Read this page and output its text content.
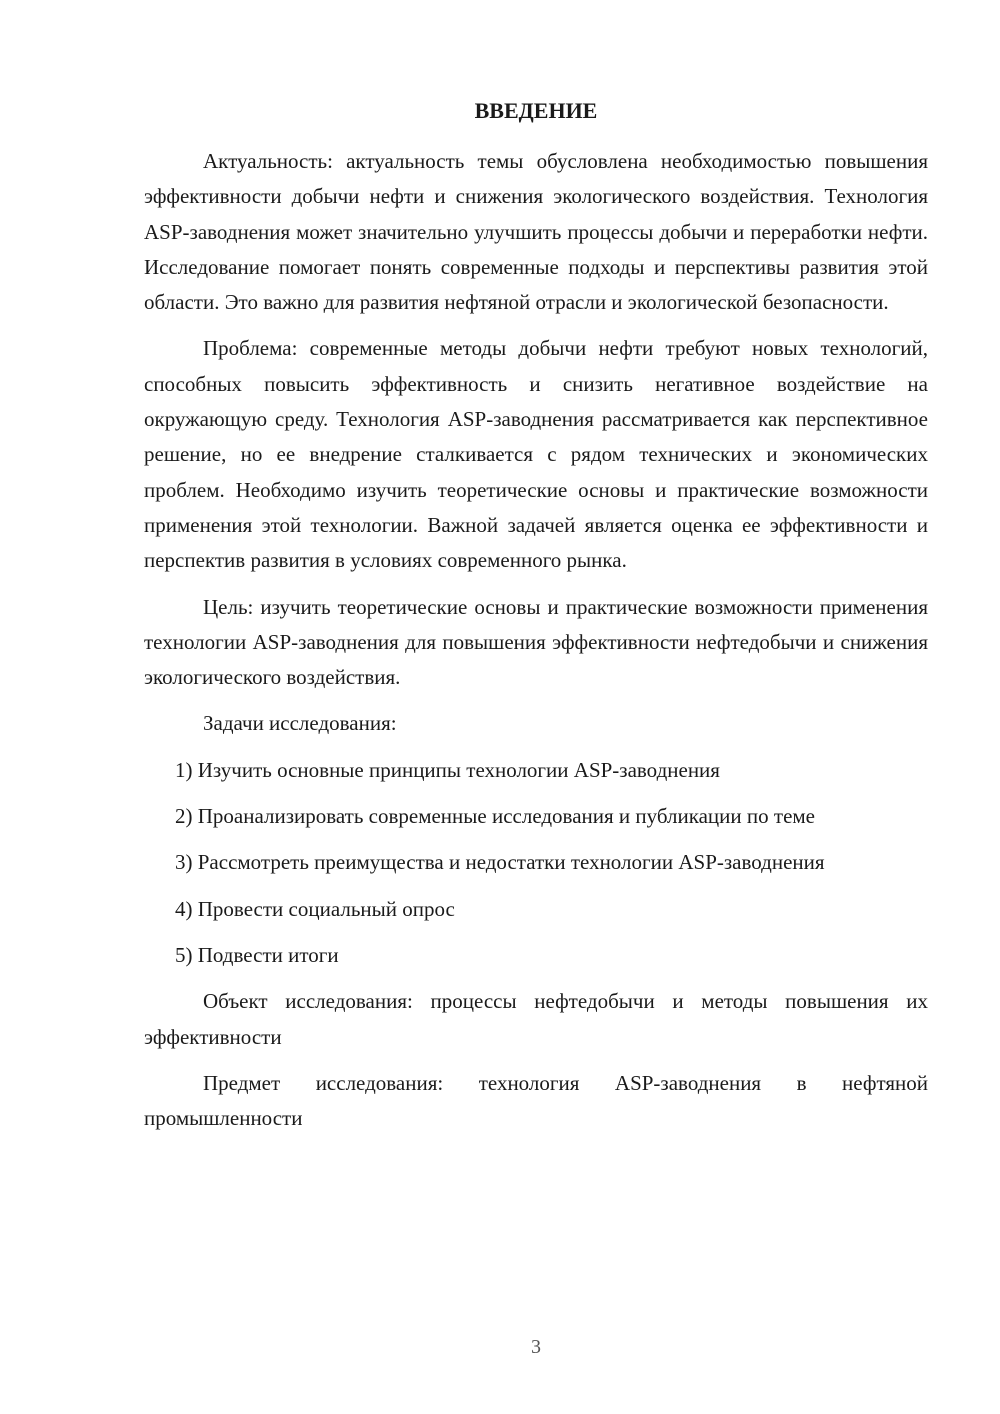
ВВЕДЕНИЕ

Актуальность: актуальность темы обусловлена необходимостью повышения эффективности добычи нефти и снижения экологического воздействия. Технология ASP-заводнения может значительно улучшить процессы добычи и переработки нефти. Исследование помогает понять современные подходы и перспективы развития этой области. Это важно для развития нефтяной отрасли и экологической безопасности.

Проблема: современные методы добычи нефти требуют новых технологий, способных повысить эффективность и снизить негативное воздействие на окружающую среду. Технология ASP-заводнения рассматривается как перспективное решение, но ее внедрение сталкивается с рядом технических и экономических проблем. Необходимо изучить теоретические основы и практические возможности применения этой технологии. Важной задачей является оценка ее эффективности и перспектив развития в условиях современного рынка.

Цель: изучить теоретические основы и практические возможности применения технологии ASP-заводнения для повышения эффективности нефтедобычи и снижения экологического воздействия.

Задачи исследования:

1) Изучить основные принципы технологии ASP-заводнения

2) Проанализировать современные исследования и публикации по теме

3) Рассмотреть преимущества и недостатки технологии ASP-заводнения

4) Провести социальный опрос

5) Подвести итоги

Объект исследования: процессы нефтедобычи и методы повышения их эффективности

Предмет исследования: технология ASP-заводнения в нефтяной промышленности

3
